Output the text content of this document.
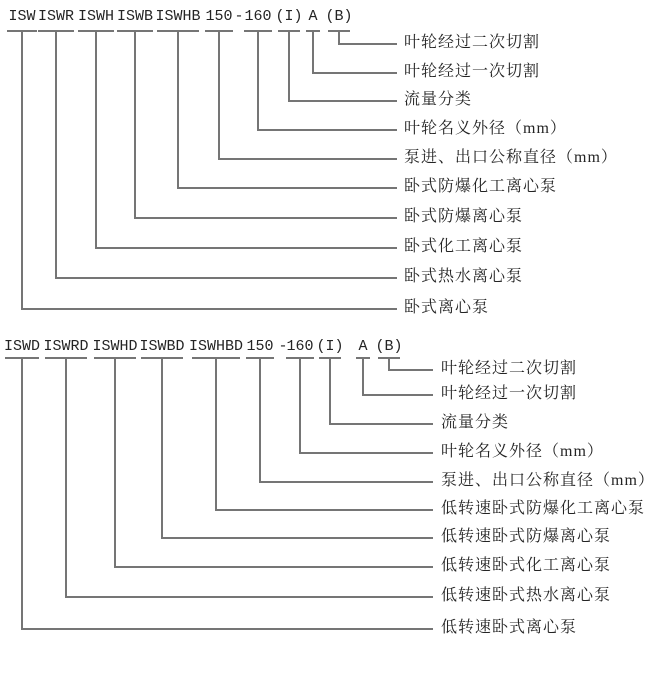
ISW
卧式离心泵
ISWR
卧式热水离心泵
ISWH
卧式化工离心泵
ISWB
卧式防爆离心泵
ISWHB
卧式防爆化工离心泵
150
泵进、出口公称直径（mm）
- 160
叶轮名义外径（mm）
(I)
流量分类
A
叶轮经过一次切割
(B)
叶轮经过二次切割
ISWD
低转速卧式离心泵
ISWRD
低转速卧式热水离心泵
ISWHD
低转速卧式化工离心泵
ISWBD
低转速卧式防爆离心泵
ISWHBD
低转速卧式防爆化工离心泵
150
泵进、出口公称直径（mm）
-
160
叶轮名义外径（mm）
(I)
流量分类
A
叶轮经过一次切割
(B)
叶轮经过二次切割
